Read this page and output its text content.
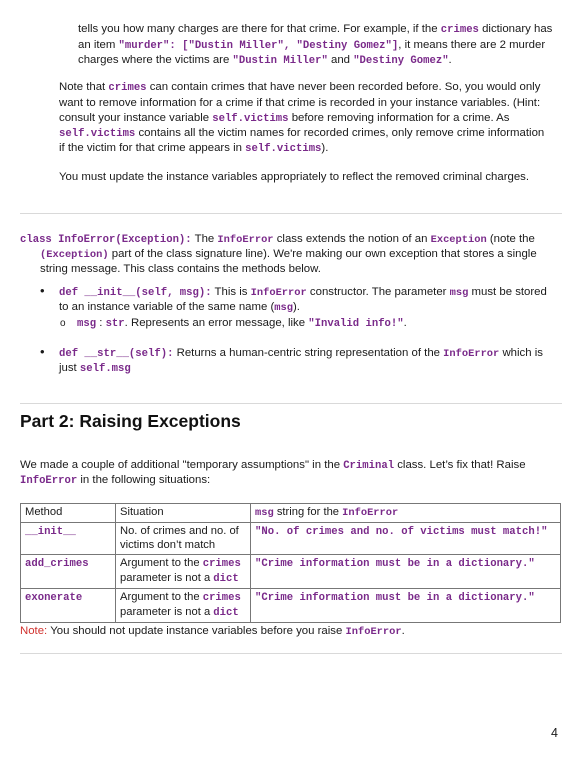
tells you how many charges are there for that crime. For example, if the crimes dictionary has
an item "murder": ["Dustin Miller", "Destiny Gomez"], it means there are 2 murder
charges where the victims are "Dustin Miller" and "Destiny Gomez".
Note that crimes can contain crimes that have never been recorded before. So, you would only
want to remove information for a crime if that crime is recorded in your instance variables. (Hint:
consult your instance variable self.victims before removing information for a crime. As
self.victims contains all the victim names for recorded crimes, only remove crime information
if the victim for that crime appears in self.victims).
You must update the instance variables appropriately to reflect the removed criminal charges.
class InfoError(Exception): The InfoError class extends the notion of an Exception (note the
(Exception) part of the class signature line). We're making our own exception that stores a single
string message. This class contains the methods below.
• def __init__(self, msg): This is InfoError constructor. The parameter msg must be stored
to an instance variable of the same name (msg).
o msg : str. Represents an error message, like "Invalid info!".
• def __str__(self): Returns a human-centric string representation of the InfoError which is
just self.msg
Part 2: Raising Exceptions
We made a couple of additional "temporary assumptions" in the Criminal class. Let’s fix that! Raise
InfoError in the following situations:
Method	Situation	msg string for the InfoError
__init__	No. of crimes and no. of
victims don’t match	"No. of crimes and no. of victims must match!"
add_crimes	Argument to the crimes
parameter is not a dict	"Crime information must be in a dictionary."
exonerate	Argument to the crimes
parameter is not a dict	"Crime information must be in a dictionary."
Note: You should not update instance variables before you raise InfoError.
4
